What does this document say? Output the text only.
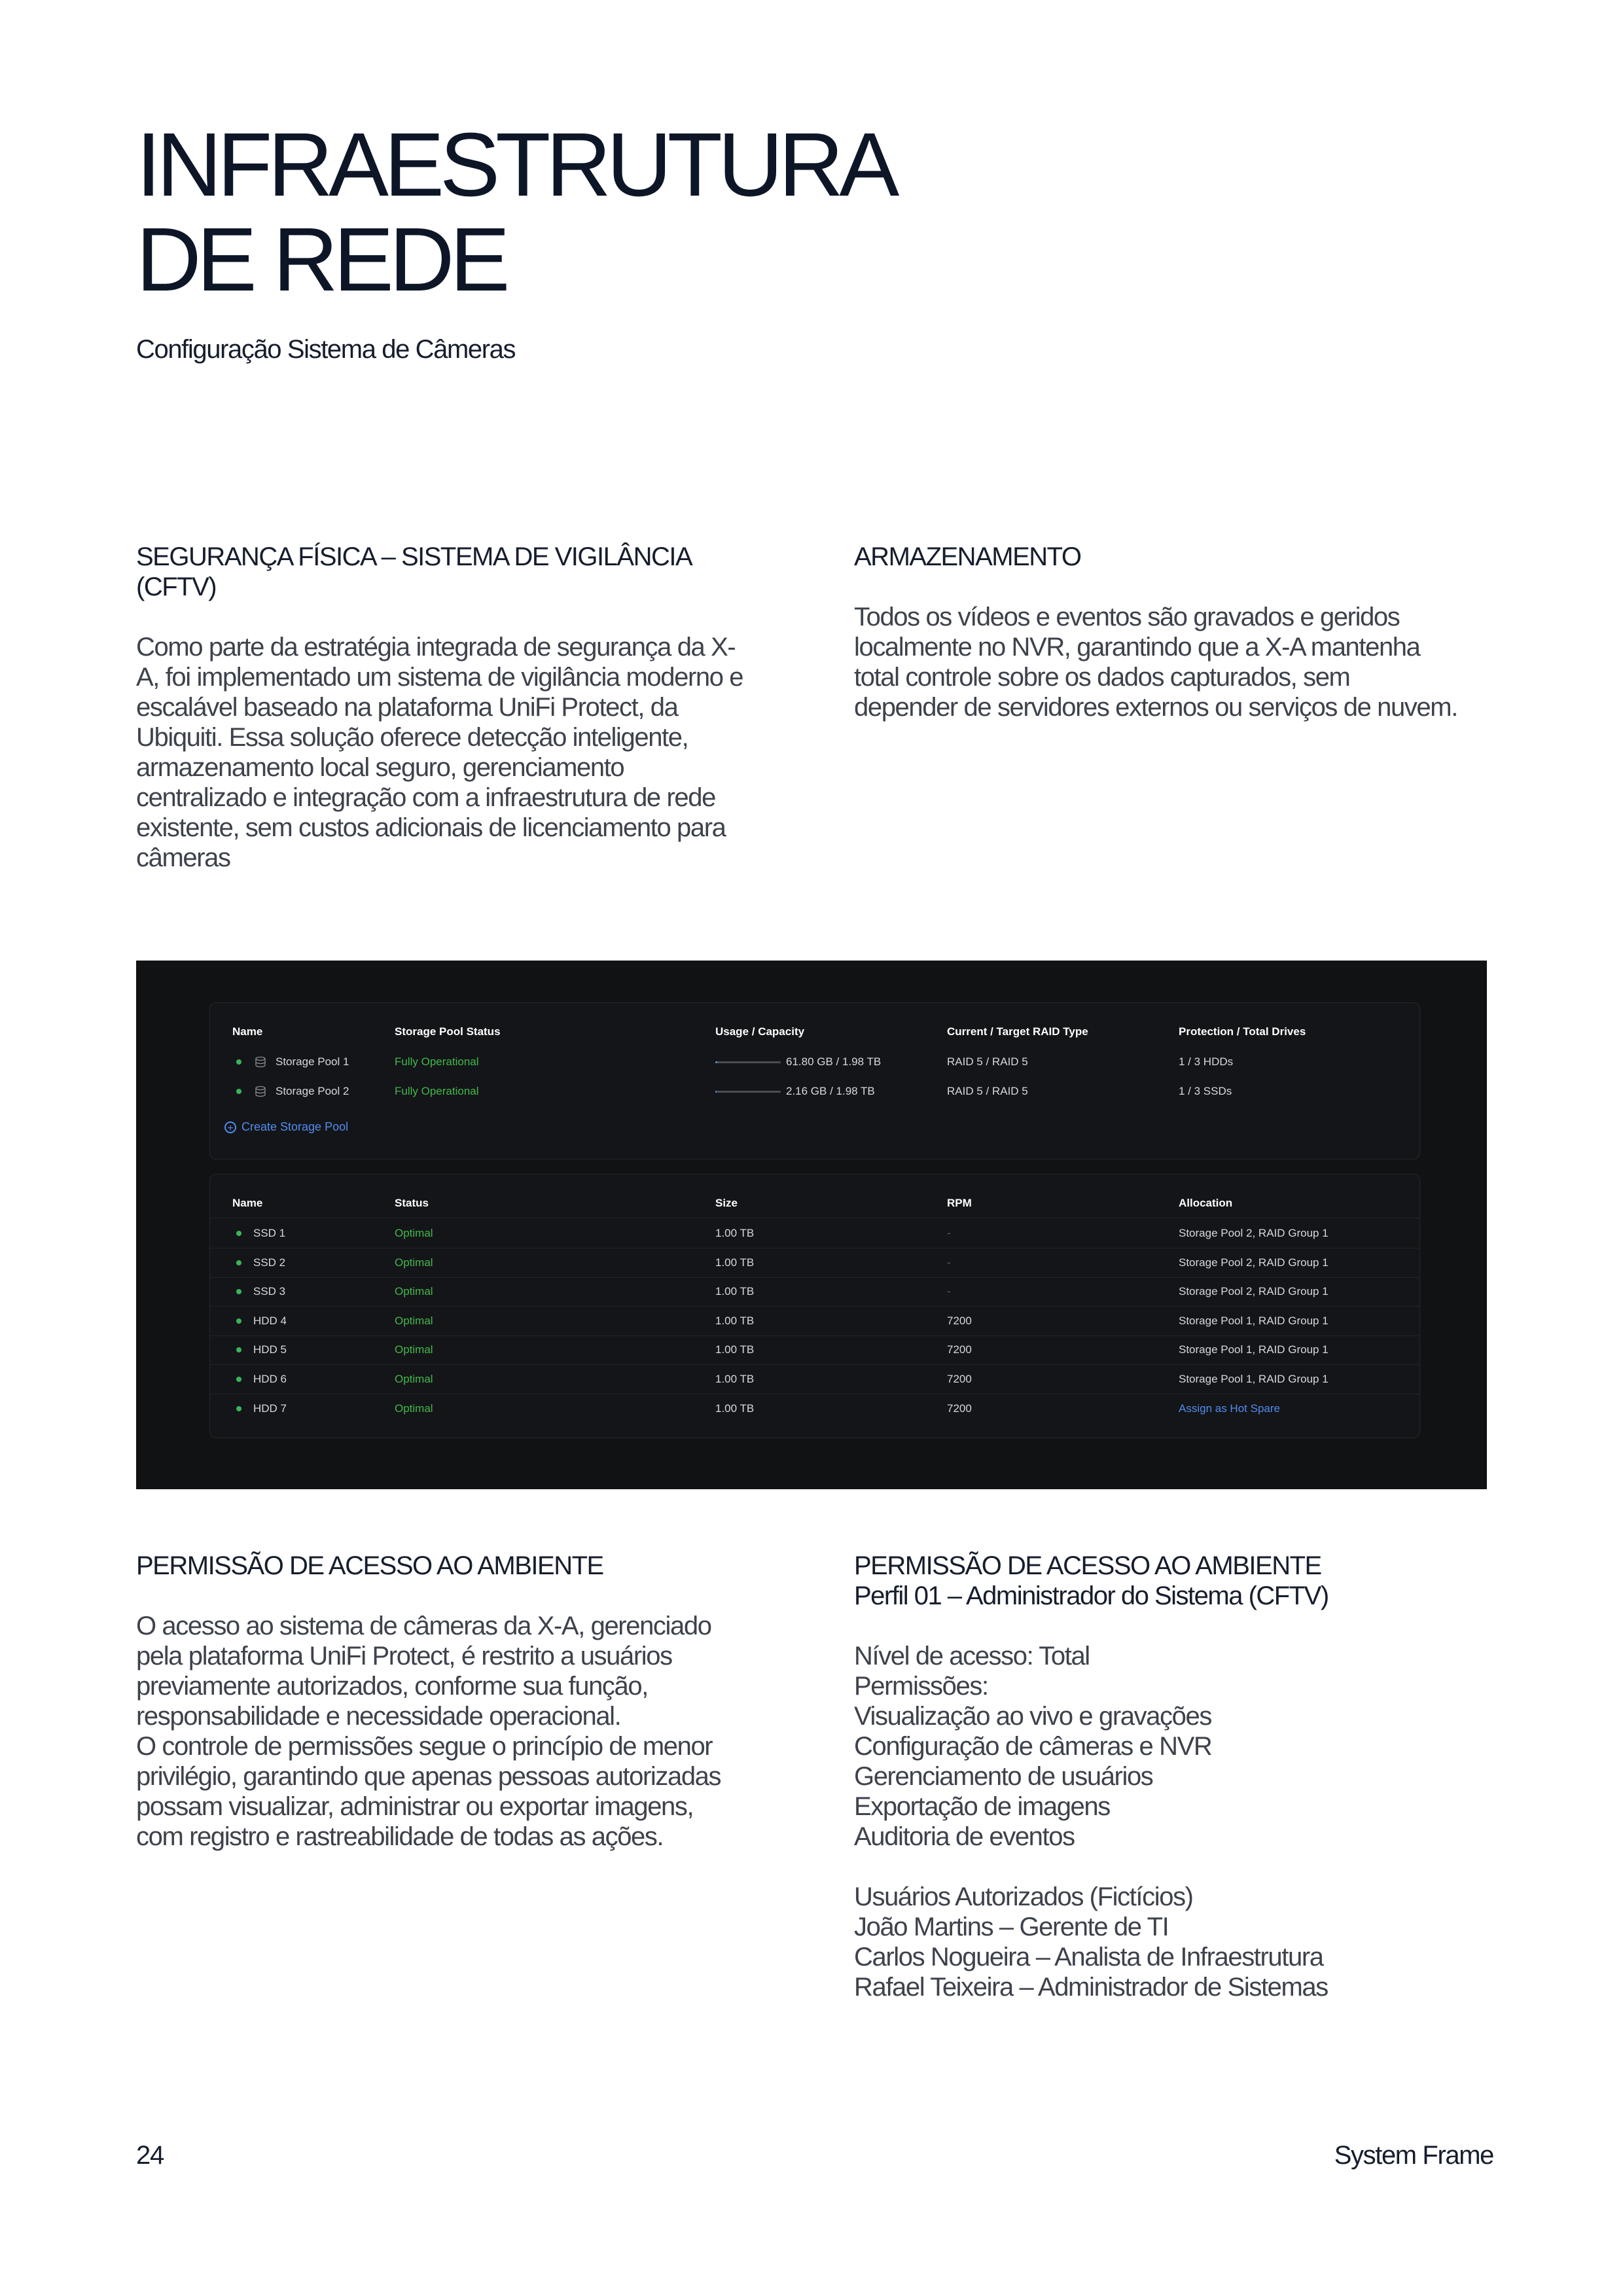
INFRAESTRUTURA
DE REDE
Configuração Sistema de Câmeras
SEGURANÇA FÍSICA – SISTEMA DE VIGILÂNCIA
(CFTV)
Como parte da estratégia integrada de segurança da X-
A, foi implementado um sistema de vigilância moderno e
escalável baseado na plataforma UniFi Protect, da
Ubiquiti. Essa solução oferece detecção inteligente,
armazenamento local seguro, gerenciamento
centralizado e integração com a infraestrutura de rede
existente, sem custos adicionais de licenciamento para
câmeras
ARMAZENAMENTO
Todos os vídeos e eventos são gravados e geridos
localmente no NVR, garantindo que a X-A mantenha
total controle sobre os dados capturados, sem
depender de servidores externos ou serviços de nuvem.
Name	Storage Pool Status	Usage / Capacity	Current / Target RAID Type	Protection / Total Drives
Storage Pool 1	Fully Operational	61.80 GB / 1.98 TB	RAID 5 / RAID 5	1 / 3 HDDs
Storage Pool 2	Fully Operational	2.16 GB / 1.98 TB	RAID 5 / RAID 5	1 / 3 SSDs
+ Create Storage Pool
Name	Status	Size	RPM	Allocation
SSD 1	Optimal	1.00 TB	-	Storage Pool 2, RAID Group 1
SSD 2	Optimal	1.00 TB	-	Storage Pool 2, RAID Group 1
SSD 3	Optimal	1.00 TB	-	Storage Pool 2, RAID Group 1
HDD 4	Optimal	1.00 TB	7200	Storage Pool 1, RAID Group 1
HDD 5	Optimal	1.00 TB	7200	Storage Pool 1, RAID Group 1
HDD 6	Optimal	1.00 TB	7200	Storage Pool 1, RAID Group 1
HDD 7	Optimal	1.00 TB	7200	Assign as Hot Spare
PERMISSÃO DE ACESSO AO AMBIENTE
O acesso ao sistema de câmeras da X-A, gerenciado
pela plataforma UniFi Protect, é restrito a usuários
previamente autorizados, conforme sua função,
responsabilidade e necessidade operacional.
O controle de permissões segue o princípio de menor
privilégio, garantindo que apenas pessoas autorizadas
possam visualizar, administrar ou exportar imagens,
com registro e rastreabilidade de todas as ações.
PERMISSÃO DE ACESSO AO AMBIENTE
Perfil 01 – Administrador do Sistema (CFTV)
Nível de acesso: Total
Permissões:
Visualização ao vivo e gravações
Configuração de câmeras e NVR
Gerenciamento de usuários
Exportação de imagens
Auditoria de eventos

Usuários Autorizados (Fictícios)
João Martins – Gerente de TI
Carlos Nogueira – Analista de Infraestrutura
Rafael Teixeira – Administrador de Sistemas
24	System Frame
